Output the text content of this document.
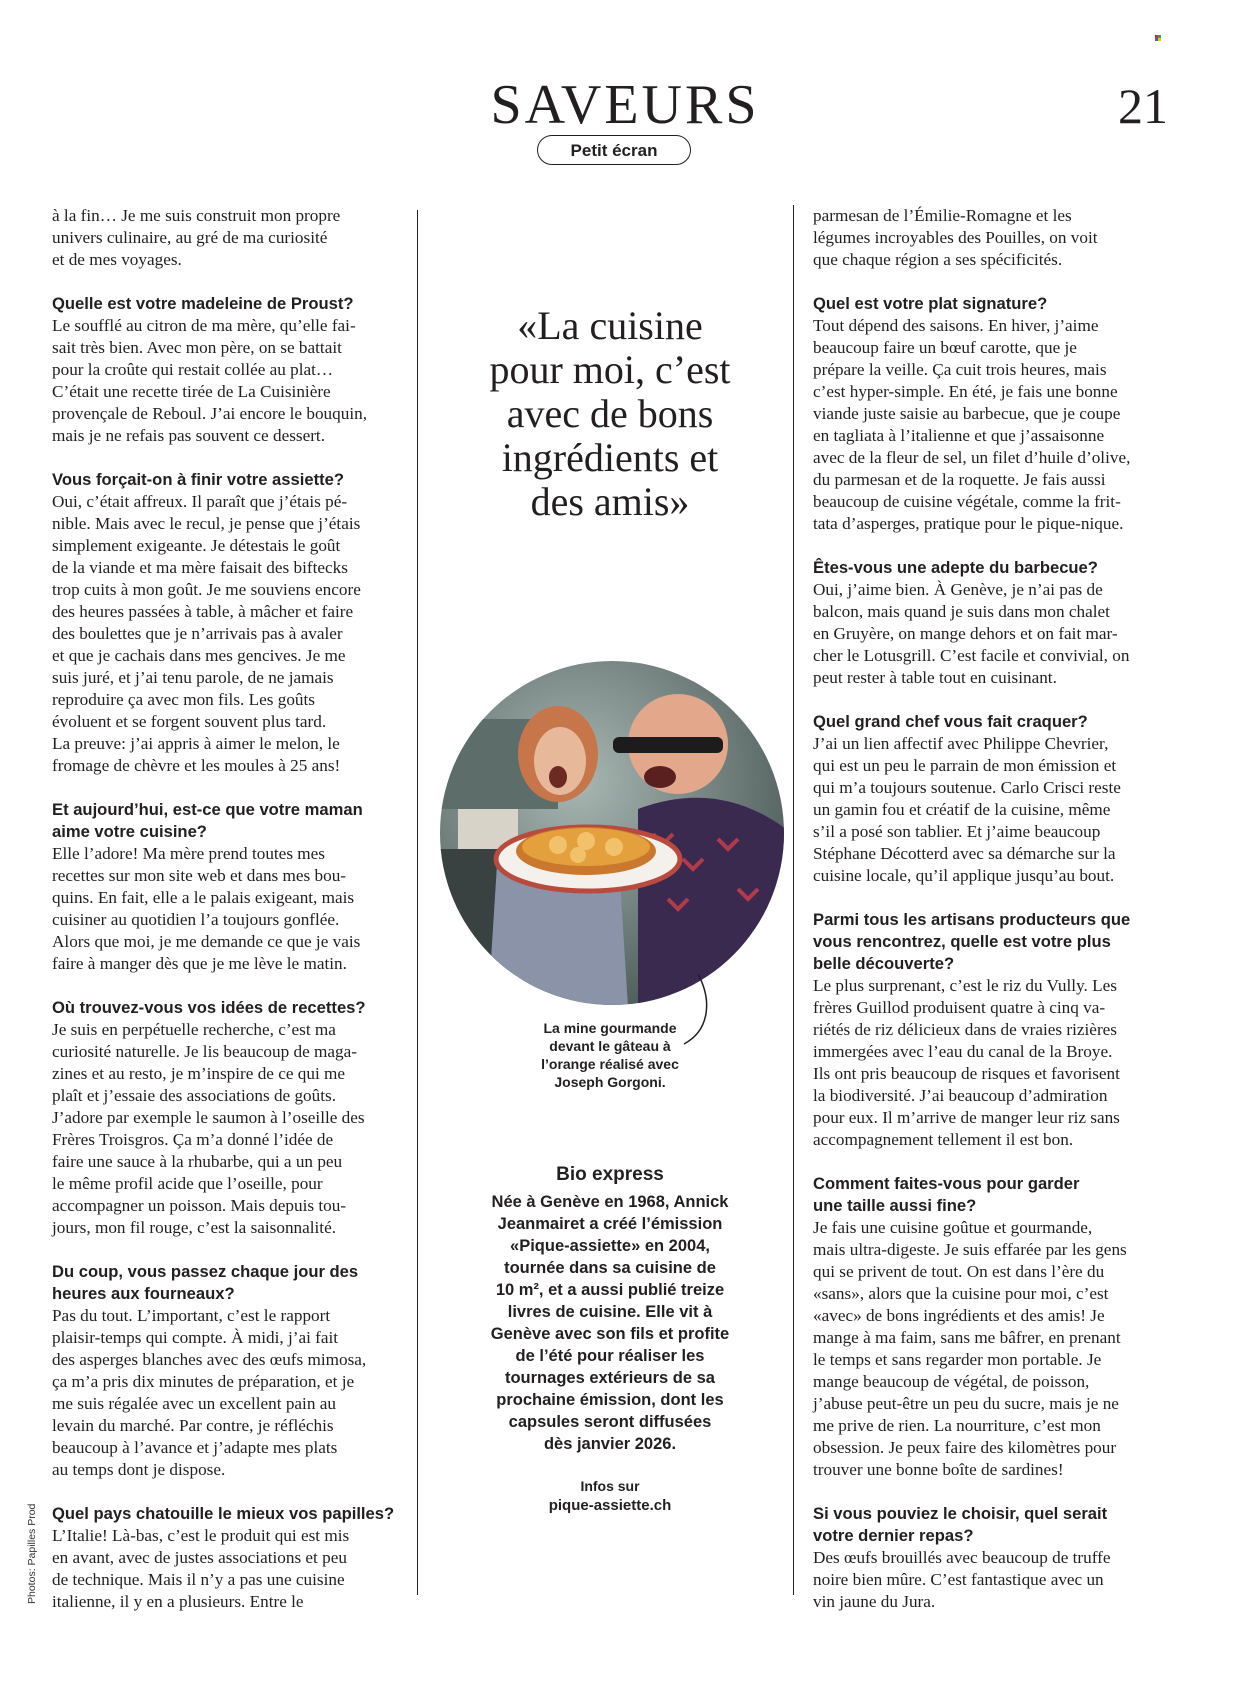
SAVEURS	21
Petit écran

à la fin… Je me suis construit mon propre

univers culinaire, au gré de ma curiosité

et de mes voyages.

Quelle est votre madeleine de Proust?

Le soufflé au citron de ma mère, qu’elle fai-

sait très bien. Avec mon père, on se battait

pour la croûte qui restait collée au plat…

C’était une recette tirée de La Cuisinière

provençale de Reboul. J’ai encore le bouquin,

mais je ne refais pas souvent ce dessert.

Vous forçait-on à finir votre assiette?

Oui, c’était affreux. Il paraît que j’étais pé-

nible. Mais avec le recul, je pense que j’étais

simplement exigeante. Je détestais le goût

de la viande et ma mère faisait des biftecks

trop cuits à mon goût. Je me souviens encore

des heures passées à table, à mâcher et faire

des boulettes que je n’arrivais pas à avaler

et que je cachais dans mes gencives. Je me

suis juré, et j’ai tenu parole, de ne jamais

reproduire ça avec mon fils. Les goûts

évoluent et se forgent souvent plus tard.

La preuve: j’ai appris à aimer le melon, le

fromage de chèvre et les moules à 25 ans!

Et aujourd’hui, est-ce que votre maman

aime votre cuisine?

Elle l’adore! Ma mère prend toutes mes

recettes sur mon site web et dans mes bou-

quins. En fait, elle a le palais exigeant, mais

cuisiner au quotidien l’a toujours gonflée.

Alors que moi, je me demande ce que je vais

faire à manger dès que je me lève le matin.

Où trouvez-vous vos idées de recettes?

Je suis en perpétuelle recherche, c’est ma

curiosité naturelle. Je lis beaucoup de maga-

zines et au resto, je m’inspire de ce qui me

plaît et j’essaie des associations de goûts.

J’adore par exemple le saumon à l’oseille des

Frères Troisgros. Ça m’a donné l’idée de

faire une sauce à la rhubarbe, qui a un peu

le même profil acide que l’oseille, pour

accompagner un poisson. Mais depuis tou-

jours, mon fil rouge, c’est la saisonnalité.

Du coup, vous passez chaque jour des

heures aux fourneaux?

Pas du tout. L’important, c’est le rapport

plaisir-temps qui compte. À midi, j’ai fait

des asperges blanches avec des œufs mimosa,

ça m’a pris dix minutes de préparation, et je

me suis régalée avec un excellent pain au

levain du marché. Par contre, je réfléchis

beaucoup à l’avance et j’adapte mes plats

au temps dont je dispose.

Quel pays chatouille le mieux vos papilles?

L’Italie! Là-bas, c’est le produit qui est mis

en avant, avec de justes associations et peu

de technique. Mais il n’y a pas une cuisine

italienne, il y en a plusieurs. Entre le

parmesan de l’Émilie-Romagne et les

légumes incroyables des Pouilles, on voit

que chaque région a ses spécificités.

Quel est votre plat signature?

Tout dépend des saisons. En hiver, j’aime

beaucoup faire un bœuf carotte, que je

prépare la veille. Ça cuit trois heures, mais

c’est hyper-simple. En été, je fais une bonne

viande juste saisie au barbecue, que je coupe

en tagliata à l’italienne et que j’assaisonne

avec de la fleur de sel, un filet d’huile d’olive,

du parmesan et de la roquette. Je fais aussi

beaucoup de cuisine végétale, comme la frit-

tata d’asperges, pratique pour le pique-nique.

Êtes-vous une adepte du barbecue?

Oui, j’aime bien. À Genève, je n’ai pas de

balcon, mais quand je suis dans mon chalet

en Gruyère, on mange dehors et on fait mar-

cher le Lotusgrill. C’est facile et convivial, on

peut rester à table tout en cuisinant.

Quel grand chef vous fait craquer?

J’ai un lien affectif avec Philippe Chevrier,

qui est un peu le parrain de mon émission et

qui m’a toujours soutenue. Carlo Crisci reste

un gamin fou et créatif de la cuisine, même

s’il a posé son tablier. Et j’aime beaucoup

Stéphane Décotterd avec sa démarche sur la

cuisine locale, qu’il applique jusqu’au bout.

Parmi tous les artisans producteurs que

vous rencontrez, quelle est votre plus

belle découverte?

Le plus surprenant, c’est le riz du Vully. Les

frères Guillod produisent quatre à cinq va-

riétés de riz délicieux dans de vraies rizières

immergées avec l’eau du canal de la Broye.

Ils ont pris beaucoup de risques et favorisent

la biodiversité. J’ai beaucoup d’admiration

pour eux. Il m’arrive de manger leur riz sans

accompagnement tellement il est bon.

Comment faites-vous pour garder

une taille aussi fine?

Je fais une cuisine goûtue et gourmande,

mais ultra-digeste. Je suis effarée par les gens

qui se privent de tout. On est dans l’ère du

«sans», alors que la cuisine pour moi, c’est

«avec» de bons ingrédients et des amis! Je

mange à ma faim, sans me bâfrer, en prenant

le temps et sans regarder mon portable. Je

mange beaucoup de végétal, de poisson,

j’abuse peut-être un peu du sucre, mais je ne

me prive de rien. La nourriture, c’est mon

obsession. Je peux faire des kilomètres pour

trouver une bonne boîte de sardines!

Si vous pouviez le choisir, quel serait

votre dernier repas?

Des œufs brouillés avec beaucoup de truffe

noire bien mûre. C’est fantastique avec un

vin jaune du Jura.

«La cuisine
pour moi, c’est
avec de bons
ingrédients et
des amis»
La mine gourmande
devant le gâteau à
l’orange réalisé avec
Joseph Gorgoni.
Bio express
Née à Genève en 1968, Annick
Jeanmairet a créé l’émission
«Pique-assiette» en 2004,
tournée dans sa cuisine de
10 m², et a aussi publié treize
livres de cuisine. Elle vit à
Genève avec son fils et profite
de l’été pour réaliser les
tournages extérieurs de sa
prochaine émission, dont les
capsules seront diffusées
dès janvier 2026.
Infos sur
pique-assiette.ch
Photos: Papilles Prod
